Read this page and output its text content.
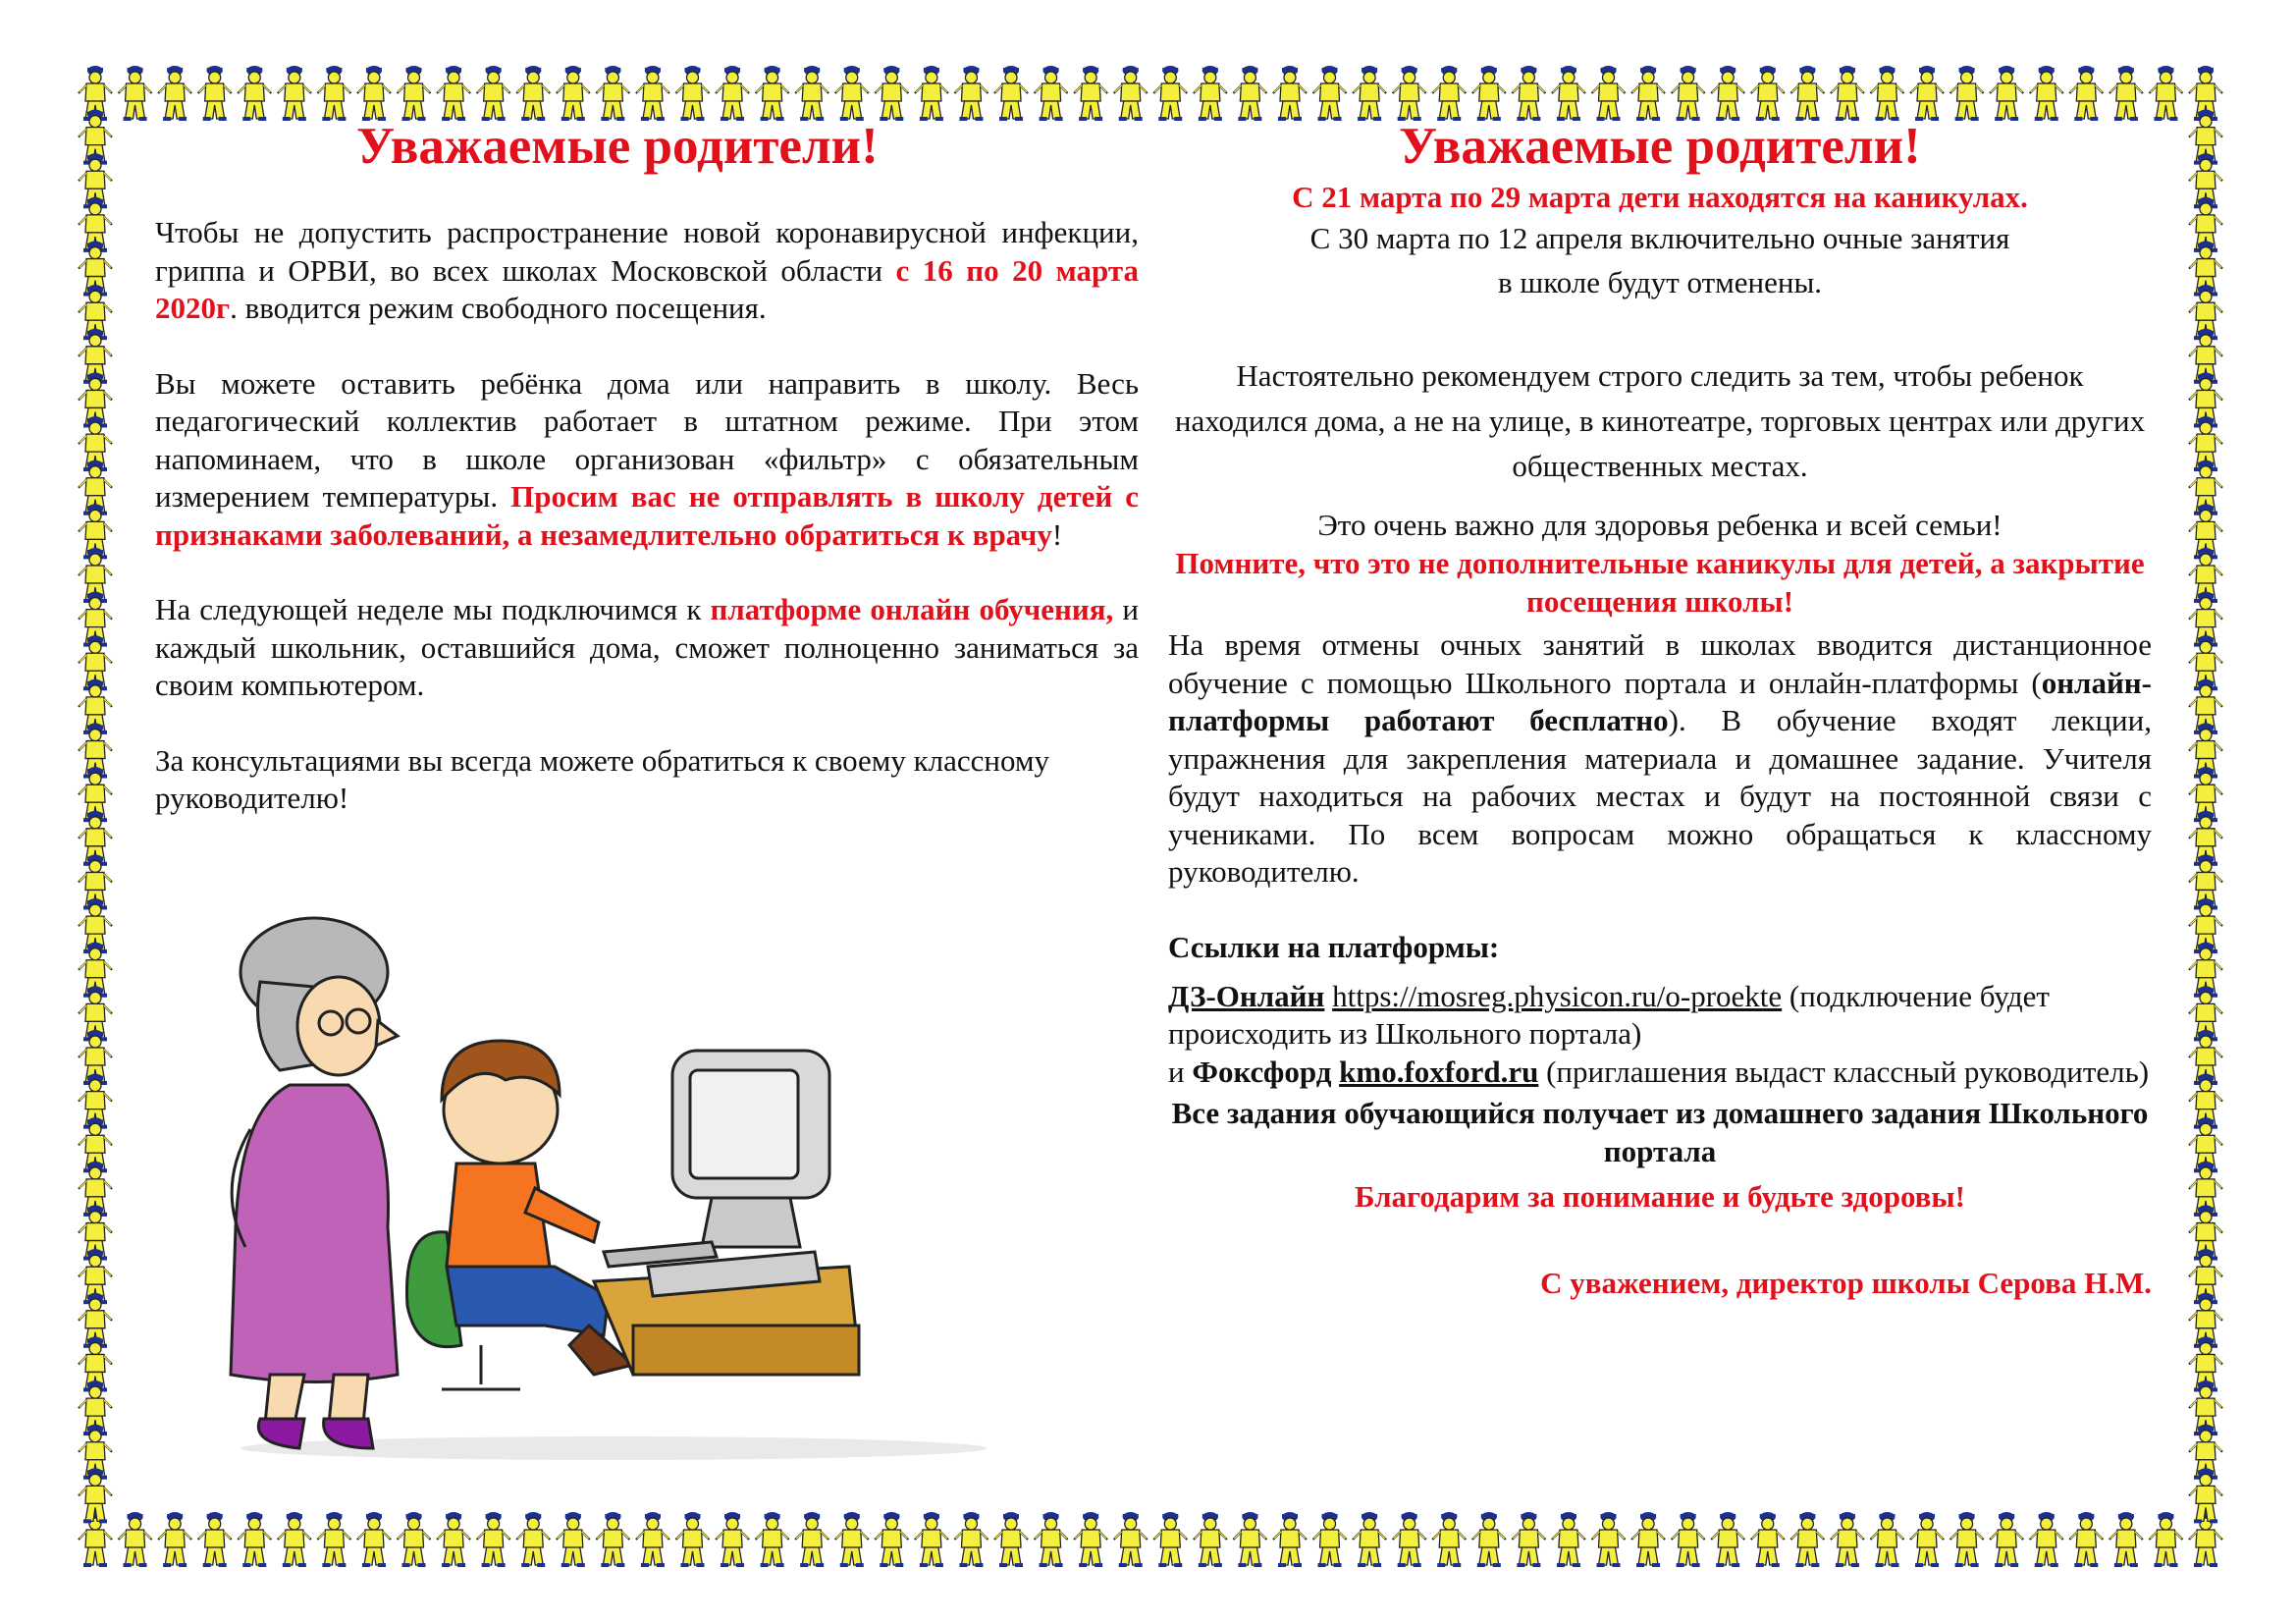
Уважаемые родители!

Чтобы не допустить распространение новой коронавирусной инфекции, гриппа и ОРВИ, во всех школах Московской области с 16 по 20 марта 2020г. вводится режим свободного посещения.

Вы можете оставить ребёнка дома или направить в школу. Весь педагогический коллектив работает в штатном режиме. При этом напоминаем, что в школе организован «фильтр» с обязательным измерением температуры. Просим вас не отправлять в школу детей с признаками заболеваний, а незамедлительно обратиться к врачу!

На следующей неделе мы подключимся к платформе онлайн обучения, и каждый школьник, оставшийся дома, сможет полноценно заниматься за своим компьютером.

За консультациями вы всегда можете обратиться к своему классному руководителю!

Уважаемые родители!

С 21 марта по 29 марта дети находятся на каникулах.

С 30 марта по 12 апреля включительно очные занятия

в школе будут отменены.

Настоятельно рекомендуем строго следить за тем, чтобы ребенок находился дома, а не на улице, в кинотеатре, торговых центрах или других общественных местах.

Это очень важно для здоровья ребенка и всей семьи!

Помните, что это не дополнительные каникулы для детей, а закрытие посещения школы!

На время отмены очных занятий в школах вводится дистанционное обучение с помощью Школьного портала и онлайн-платформы (онлайн-платформы работают бесплатно). В обучение входят лекции, упражнения для закрепления материала и домашнее задание. Учителя будут находиться на рабочих местах и будут на постоянной связи с учениками. По всем вопросам можно обращаться к классному руководителю.

Ссылки на платформы:

ДЗ-Онлайн https://mosreg.physicon.ru/o-proekte (подключение будет происходить из Школьного портала)

и Фоксфорд kmo.foxford.ru (приглашения выдаст классный руководитель)

Все задания обучающийся получает из домашнего задания Школьного портала

Благодарим за понимание и будьте здоровы!

С уважением, директор школы Серова Н.М.
